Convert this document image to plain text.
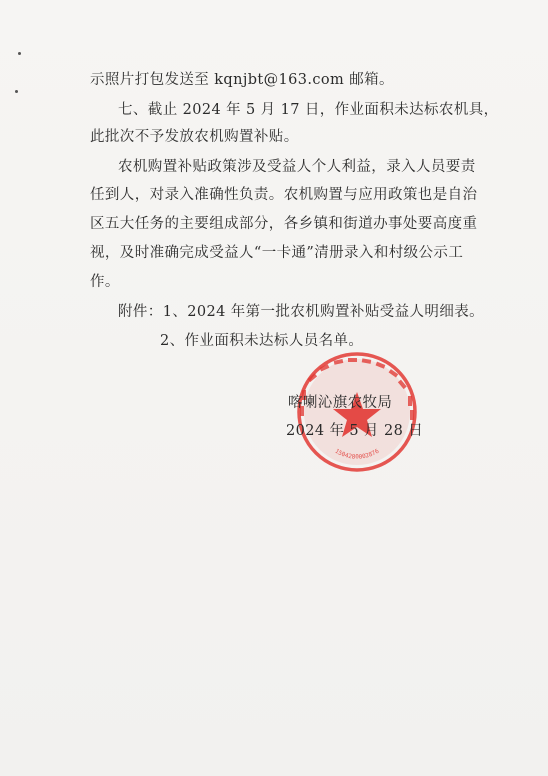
示照片打包发送至 kqnjbt@163.com 邮箱。
七、截止 2024 年 5 月 17 日，作业面积未达标农机具，
此批次不予发放农机购置补贴。
农机购置补贴政策涉及受益人个人利益，录入人员要责
任到人，对录入准确性负责。农机购置与应用政策也是自治
区五大任务的主要组成部分，各乡镇和街道办事处要高度重
视，及时准确完成受益人“一卡通”清册录入和村级公示工
作。
附件：1、2024 年第一批农机购置补贴受益人明细表。
2、作业面积未达标人员名单。
1504280002876
喀喇沁旗农牧局
2024 年 5 月 28 日
